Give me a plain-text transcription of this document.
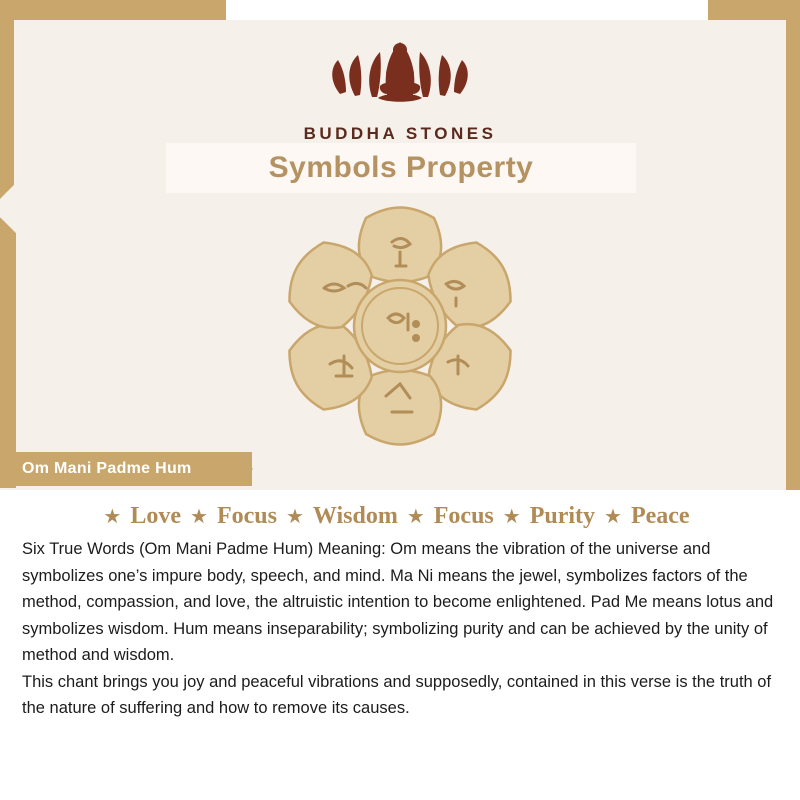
BUDDHA STONES
Symbols Property
Om Mani Padme Hum
★ Love ★ Focus ★ Wisdom ★ Focus ★ Purity ★ Peace

Six True Words (Om Mani Padme Hum) Meaning: Om means the vibration of the universe and symbolizes one’s impure body, speech, and mind. Ma Ni means the jewel, symbolizes factors of the method, compassion, and love, the altruistic intention to become enlightened. Pad Me means lotus and symbolizes wisdom. Hum means inseparability; symbolizing purity and can be achieved by the unity of method and wisdom.

This chant brings you joy and peaceful vibrations and supposedly, contained in this verse is the truth of the nature of suffering and how to remove its causes.
